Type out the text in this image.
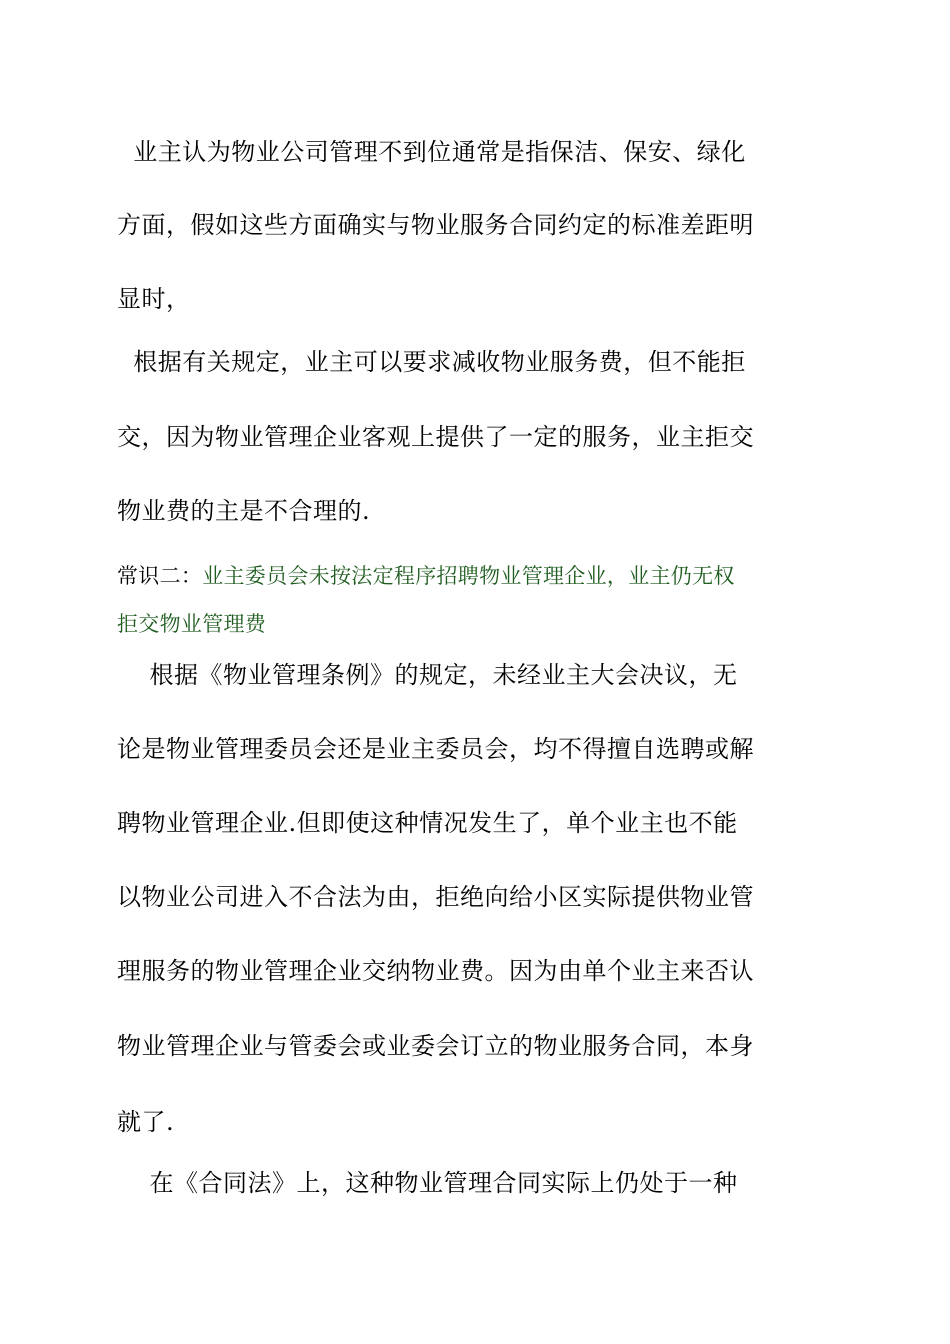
业主认为物业公司管理不到位通常是指保洁、保安、绿化
方面，假如这些方面确实与物业服务合同约定的标准差距明
显时，
根据有关规定，业主可以要求减收物业服务费，但不能拒
交，因为物业管理企业客观上提供了一定的服务，业主拒交
物业费的主是不合理的.
常识二：业主委员会未按法定程序招聘物业管理企业，业主仍无权
拒交物业管理费
根据《物业管理条例》的规定，未经业主大会决议，无
论是物业管理委员会还是业主委员会，均不得擅自选聘或解
聘物业管理企业.但即使这种情况发生了，单个业主也不能
以物业公司进入不合法为由，拒绝向给小区实际提供物业管
理服务的物业管理企业交纳物业费。因为由单个业主来否认
物业管理企业与管委会或业委会订立的物业服务合同，本身
就了.
在《合同法》上，这种物业管理合同实际上仍处于一种
